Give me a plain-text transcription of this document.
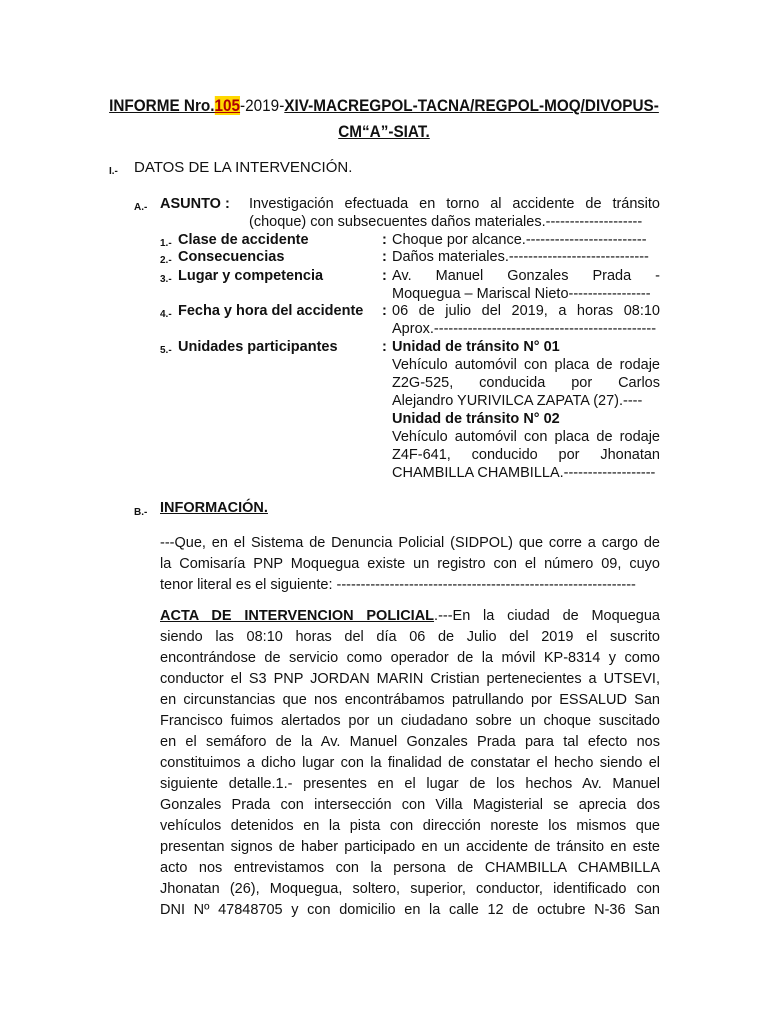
INFORME Nro.105-2019-XIV-MACREGPOL-TACNA/REGPOL-MOQ/DIVOPUS-
CM“A”-SIAT.
I.- DATOS DE LA INTERVENCIÓN.
A.- ASUNTO : Investigación efectuada en torno al accidente de tránsito
(choque) con subsecuentes daños materiales.--------------------
1.- Clase de accidente	: Choque por alcance.-------------------------
2.- Consecuencias	: Daños materiales.-----------------------------
3.- Lugar y competencia	: Av. Manuel Gonzales Prada -
Moquegua – Mariscal Nieto-----------------
4.- Fecha y hora del accidente : 06 de julio del 2019, a horas 08:10
Aprox.----------------------------------------------
5.- Unidades participantes	: Unidad de tránsito N° 01
Vehículo automóvil con placa de rodaje
Z2G-525, conducida por Carlos
Alejandro YURIVILCA ZAPATA (27).----
Unidad de tránsito N° 02
Vehículo automóvil con placa de rodaje
Z4F-641, conducido por Jhonatan
CHAMBILLA CHAMBILLA.-------------------
B.- INFORMACIÓN.
---Que, en el Sistema de Denuncia Policial (SIDPOL) que corre a cargo de
la Comisaría PNP Moquegua existe un registro con el número 09, cuyo
tenor literal es el siguiente: --------------------------------------------------------------
ACTA DE INTERVENCION POLICIAL.---En la ciudad de Moquegua
siendo las 08:10 horas del día 06 de Julio del 2019 el suscrito
encontrándose de servicio como operador de la móvil KP-8314 y como
conductor el S3 PNP JORDAN MARIN Cristian pertenecientes a UTSEVI,
en circunstancias que nos encontrábamos patrullando por ESSALUD San
Francisco fuimos alertados por un ciudadano sobre un choque suscitado
en el semáforo de la Av. Manuel Gonzales Prada para tal efecto nos
constituimos a dicho lugar con la finalidad de constatar el hecho siendo el
siguiente detalle.1.- presentes en el lugar de los hechos Av. Manuel
Gonzales Prada con intersección con Villa Magisterial se aprecia dos
vehículos detenidos en la pista con dirección noreste los mismos que
presentan signos de haber participado en un accidente de tránsito en este
acto nos entrevistamos con la persona de CHAMBILLA CHAMBILLA
Jhonatan (26), Moquegua, soltero, superior, conductor, identificado con
DNI Nº 47848705 y con domicilio en la calle 12 de octubre N-36 San
